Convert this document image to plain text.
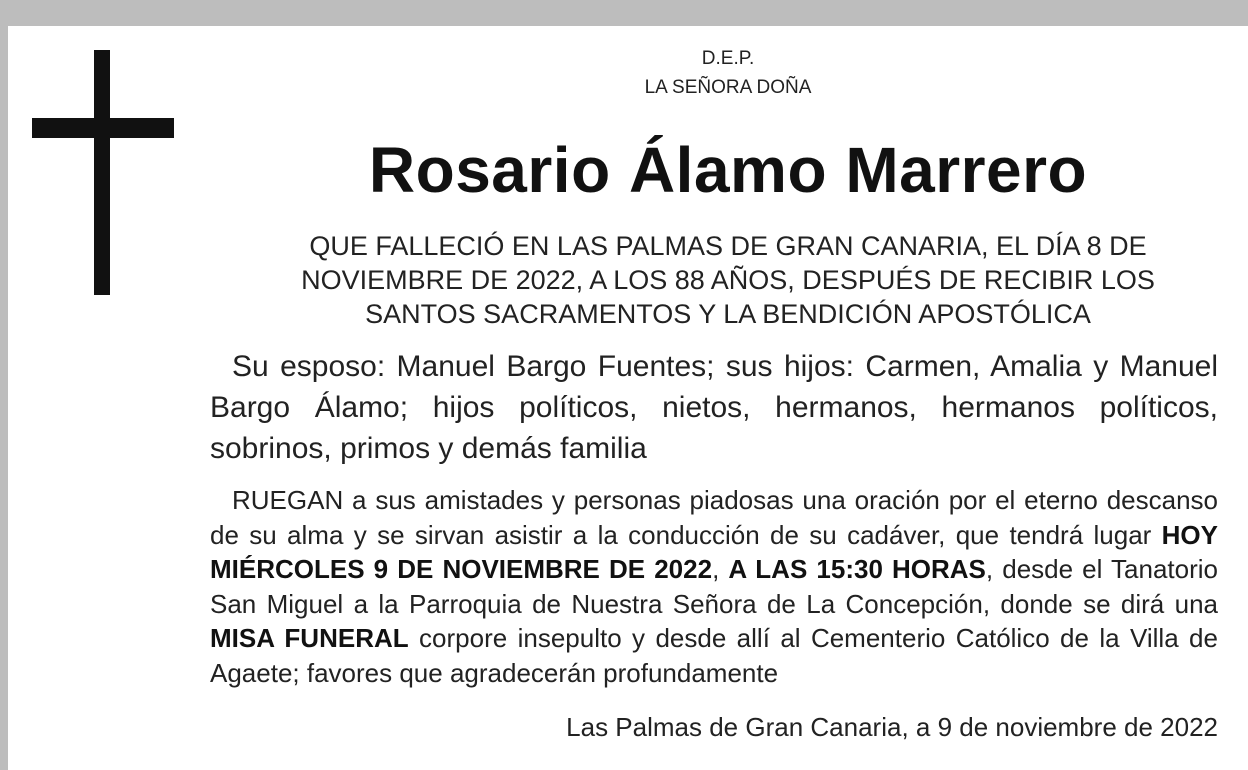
D.E.P.
LA SEÑORA DOÑA
Rosario Álamo Marrero
QUE FALLECIÓ EN LAS PALMAS DE GRAN CANARIA, EL DÍA 8 DE NOVIEMBRE DE 2022, A LOS 88 AÑOS, DESPUÉS DE RECIBIR LOS SANTOS SACRAMENTOS Y LA BENDICIÓN APOSTÓLICA
Su esposo: Manuel Bargo Fuentes; sus hijos: Carmen, Amalia y Manuel Bargo Álamo; hijos políticos, nietos, hermanos, hermanos políticos, sobrinos, primos y demás familia
RUEGAN a sus amistades y personas piadosas una oración por el eterno descanso de su alma y se sirvan asistir a la conducción de su cadáver, que tendrá lugar HOY MIÉRCOLES 9 DE NOVIEMBRE DE 2022, A LAS 15:30 HORAS, desde el Tanatorio San Miguel a la Parroquia de Nuestra Señora de La Concepción, donde se dirá una MISA FUNERAL corpore insepulto y desde allí al Cementerio Católico de la Villa de Agaete; favores que agradecerán profundamente
Las Palmas de Gran Canaria, a 9 de noviembre de 2022
